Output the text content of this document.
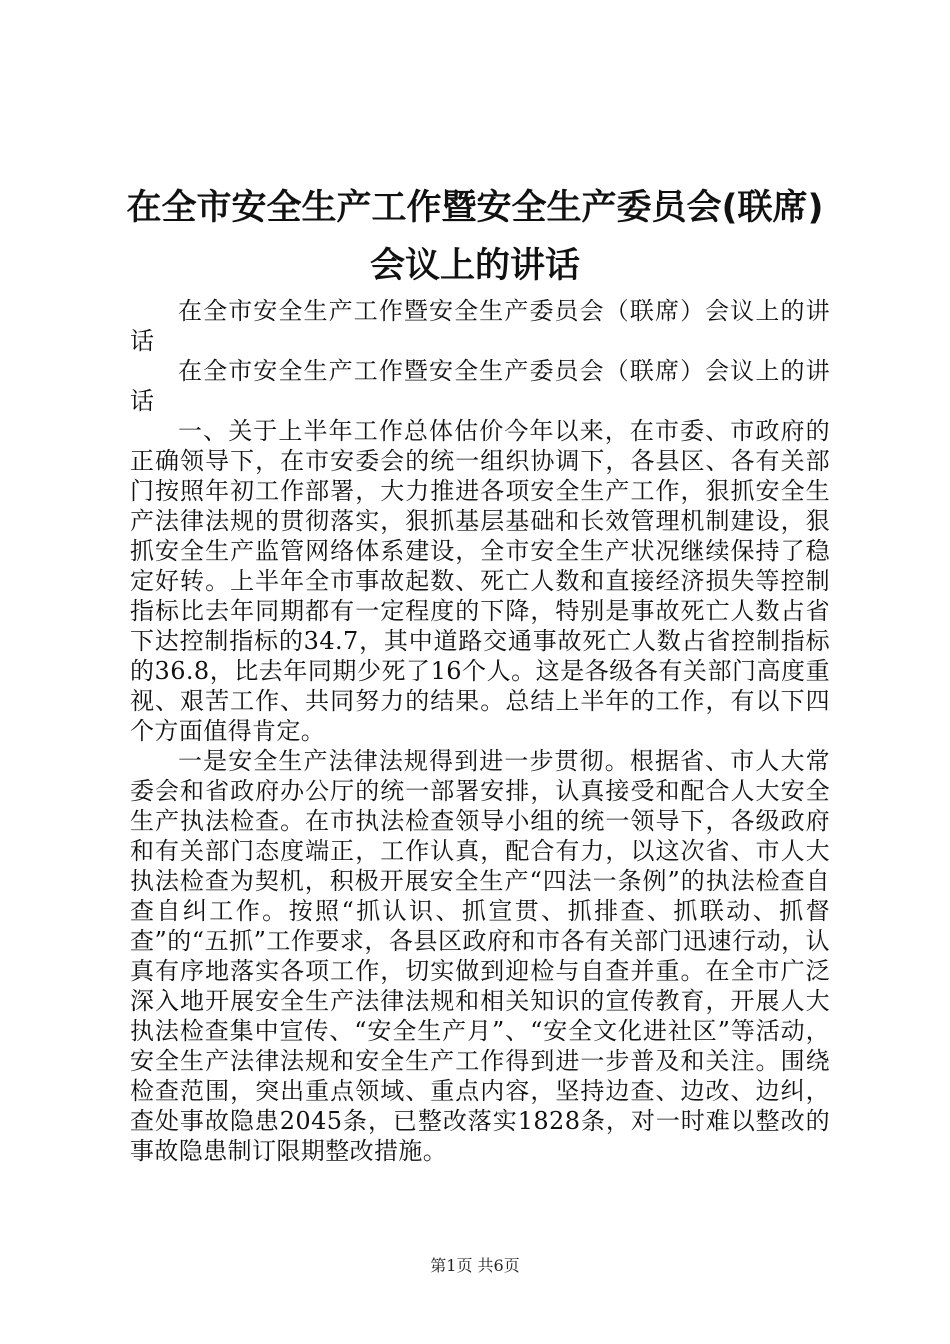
在全市安全生产工作暨安全生产委员会(联席)
会议上的讲话

在全市安全生产工作暨安全生产委员会（联席）会议上的讲话

在全市安全生产工作暨安全生产委员会（联席）会议上的讲话

一、关于上半年工作总体估价今年以来，在市委、市政府的正确领导下，在市安委会的统一组织协调下，各县区、各有关部门按照年初工作部署，大力推进各项安全生产工作，狠抓安全生产法律法规的贯彻落实，狠抓基层基础和长效管理机制建设，狠抓安全生产监管网络体系建设，全市安全生产状况继续保持了稳定好转。上半年全市事故起数、死亡人数和直接经济损失等控制指标比去年同期都有一定程度的下降，特别是事故死亡人数占省下达控制指标的34.7，其中道路交通事故死亡人数占省控制指标的36.8，比去年同期少死了16个人。这是各级各有关部门高度重视、艰苦工作、共同努力的结果。总结上半年的工作，有以下四个方面值得肯定。

一是安全生产法律法规得到进一步贯彻。根据省、市人大常委会和省政府办公厅的统一部署安排，认真接受和配合人大安全生产执法检查。在市执法检查领导小组的统一领导下，各级政府和有关部门态度端正，工作认真，配合有力，以这次省、市人大执法检查为契机，积极开展安全生产“四法一条例”的执法检查自查自纠工作。按照“抓认识、抓宣贯、抓排查、抓联动、抓督查”的“五抓”工作要求，各县区政府和市各有关部门迅速行动，认真有序地落实各项工作，切实做到迎检与自查并重。在全市广泛深入地开展安全生产法律法规和相关知识的宣传教育，开展人大执法检查集中宣传、“安全生产月”、“安全文化进社区”等活动，安全生产法律法规和安全生产工作得到进一步普及和关注。围绕检查范围，突出重点领域、重点内容，坚持边查、边改、边纠，查处事故隐患2045条，已整改落实1828条，对一时难以整改的事故隐患制订限期整改措施。

第1页 共6页
